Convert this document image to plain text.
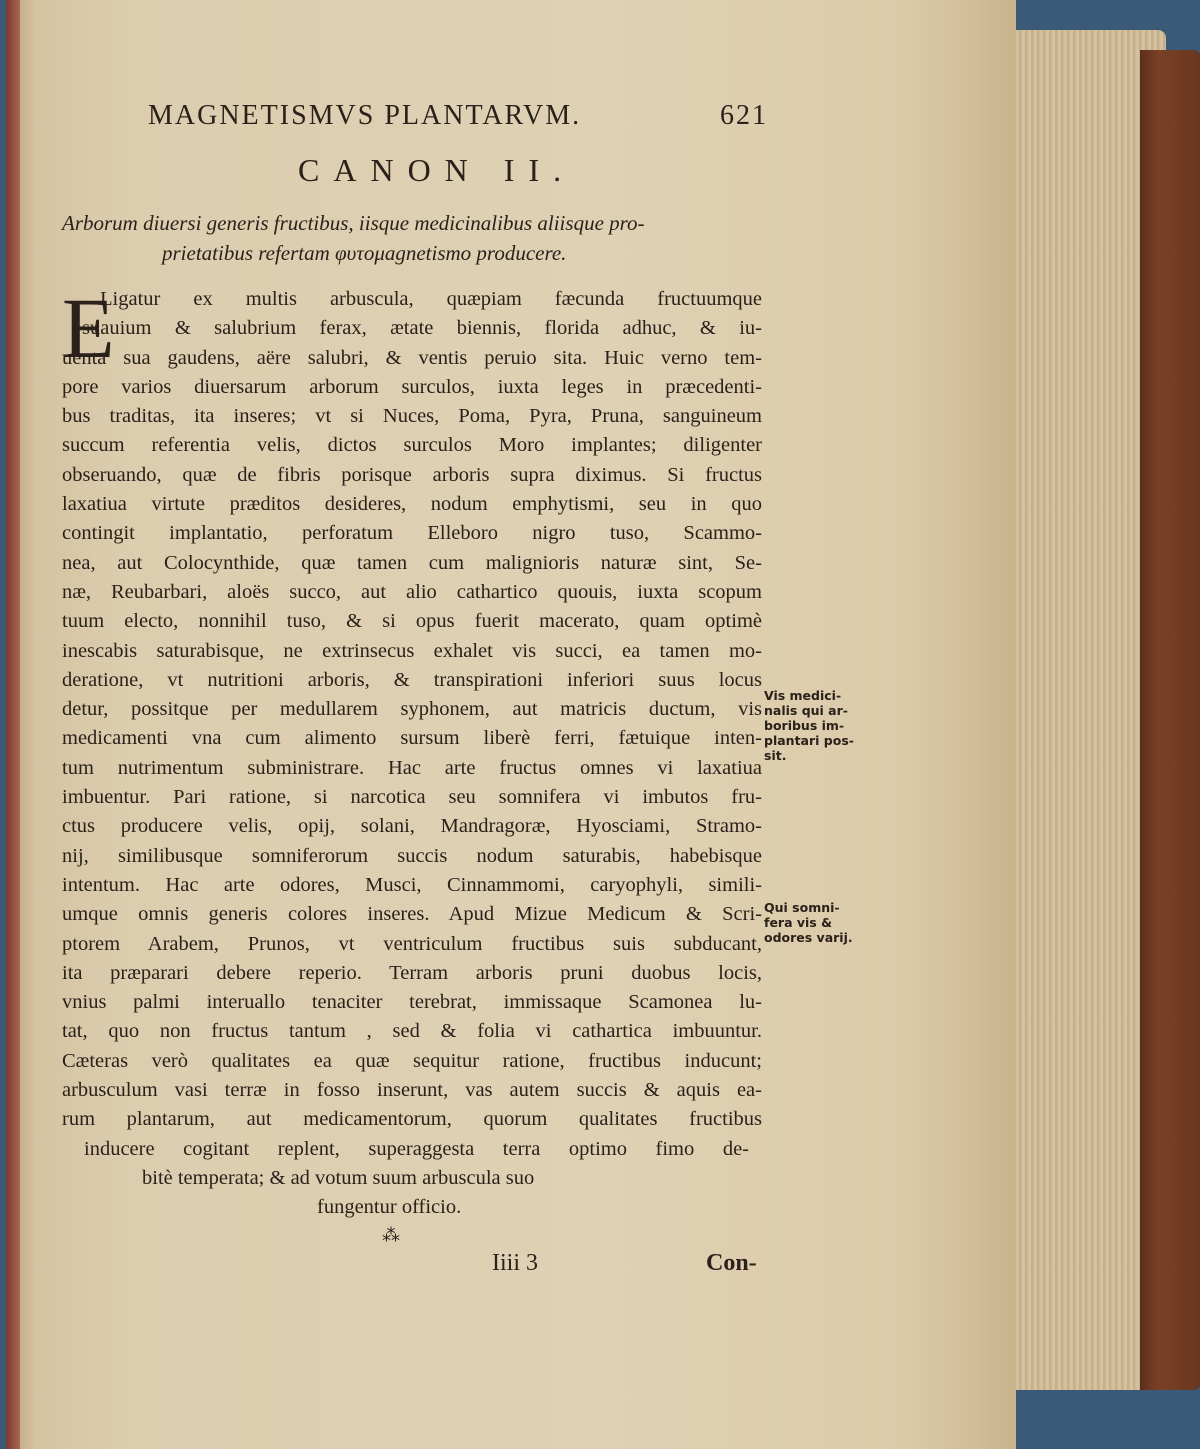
MAGNETISMVS PLANTARVM.	621
CANON II.
Arborum diuersi generis fructibus, iisque medicinalibus aliisque pro-
prietatibus refertam φυτομagnetismo producere.
E
Ligatur ex multis arbuscula, quæpiam fæcunda fructuumque
suauium & salubrium ferax, ætate biennis, florida adhuc, & iu-
uenta sua gaudens, aëre salubri, & ventis peruio sita. Huic verno tem-
pore varios diuersarum arborum surculos, iuxta leges in præcedenti-
bus traditas, ita inseres; vt si Nuces, Poma, Pyra, Pruna, sanguineum
succum referentia velis, dictos surculos Moro implantes; diligenter
obseruando, quæ de fibris porisque arboris supra diximus. Si fructus
laxatiua virtute præditos desideres, nodum emphytismi, seu in quo
contingit implantatio, perforatum Elleboro nigro tuso, Scammo-
nea, aut Colocynthide, quæ tamen cum malignioris naturæ sint, Se-
næ, Reubarbari, aloës succo, aut alio cathartico quouis, iuxta scopum
tuum electo, nonnihil tuso, & si opus fuerit macerato, quam optimè
inescabis saturabisque, ne extrinsecus exhalet vis succi, ea tamen mo-
deratione, vt nutritioni arboris, & transpirationi inferiori suus locus
detur, possitque per medullarem syphonem, aut matricis ductum, vis
medicamenti vna cum alimento sursum liberè ferri, fætuique inten-
tum nutrimentum subministrare. Hac arte fructus omnes vi laxatiua
imbuentur. Pari ratione, si narcotica seu somnifera vi imbutos fru-
ctus producere velis, opij, solani, Mandragoræ, Hyosciami, Stramo-
nij, similibusque somniferorum succis nodum saturabis, habebisque
intentum. Hac arte odores, Musci, Cinnammomi, caryophyli, simili-
umque omnis generis colores inseres. Apud Mizue Medicum & Scri-
ptorem Arabem, Prunos, vt ventriculum fructibus suis subducant,
ita præparari debere reperio. Terram arboris pruni duobus locis,
vnius palmi interuallo tenaciter terebrat, immissaque Scamonea lu-
tat, quo non fructus tantum , sed & folia vi cathartica imbuuntur.
Cæteras verò qualitates ea quæ sequitur ratione, fructibus inducunt;
arbusculum vasi terræ in fosso inserunt, vas autem succis & aquis ea-
rum plantarum, aut medicamentorum, quorum qualitates fructibus
inducere cogitant replent, superaggesta terra optimo fimo de-
bitè temperata; & ad votum suum arbuscula suo
fungentur officio.
Vis medici-
nalis qui ar-
boribus im-
plantari pos-
sit.
Qui somni-
fera vis &
odores varij.
⁂
Iiii 3	Con-
